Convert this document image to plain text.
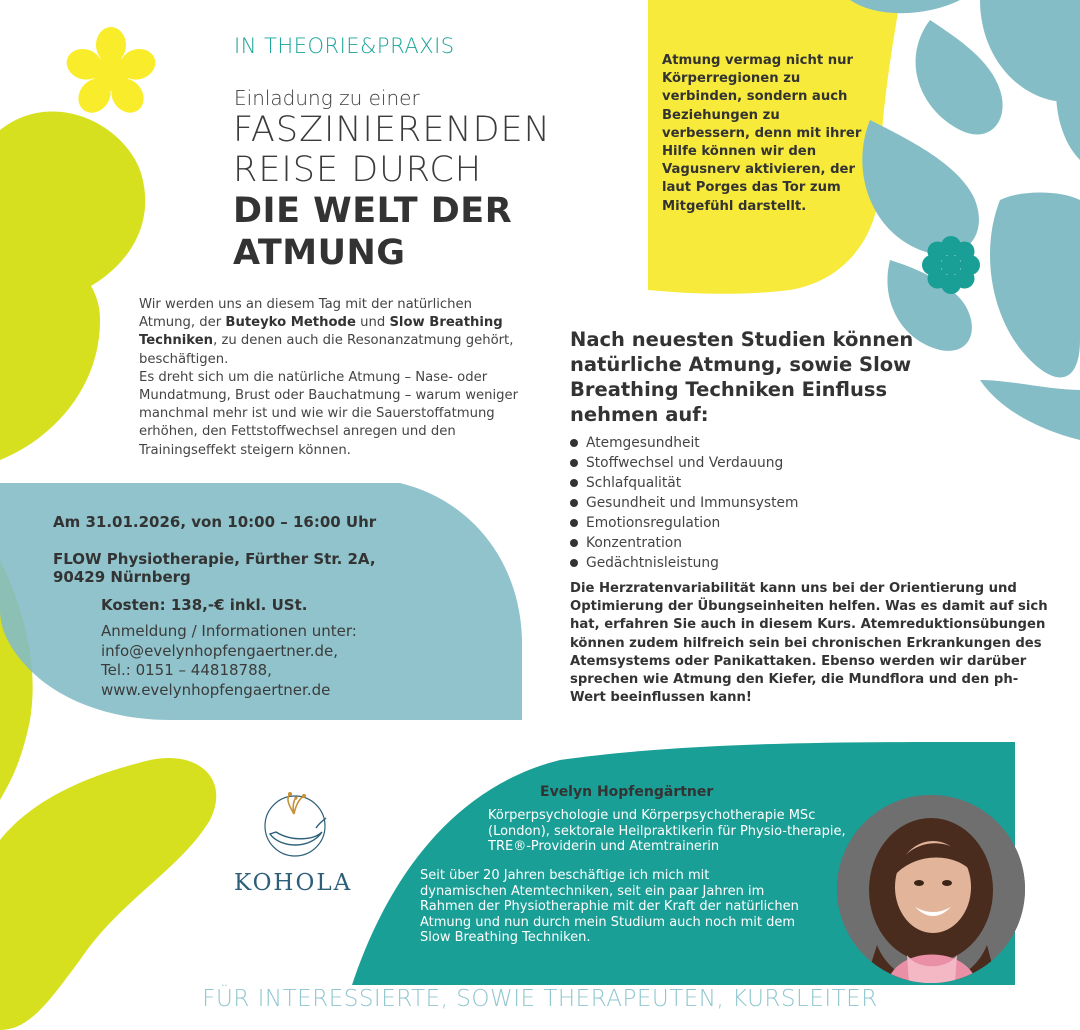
IN THEORIE&PRAXIS
Einladung zu einer
FASZINIERENDEN
REISE DURCH
DIE WELT DER
ATMUNG
Wir werden uns an diesem Tag mit der natürlichen Atmung, der Buteyko Methode und Slow Breathing Techniken, zu denen auch die Resonanzatmung gehört, beschäftigen.
Es dreht sich um die natürliche Atmung – Nase- oder Mundatmung, Brust oder Bauchatmung – warum weniger manchmal mehr ist und wie wir die Sauerstoffatmung erhöhen, den Fettstoffwechsel anregen und den Trainingseffekt steigern können.
Atmung vermag nicht nur Körperregionen zu verbinden, sondern auch Beziehungen zu verbessern, denn mit ihrer Hilfe können wir den Vagusnerv aktivieren, der laut Porges das Tor zum Mitgefühl darstellt.
Nach neuesten Studien können natürliche Atmung, sowie Slow Breathing Techniken Einfluss nehmen auf:
Atemgesundheit
Stoffwechsel und Verdauung
Schlafqualität
Gesundheit und Immunsystem
Emotionsregulation
Konzentration
Gedächtnisleistung
Die Herzratenvariabilität kann uns bei der Orientierung und Optimierung der Übungseinheiten helfen. Was es damit auf sich hat, erfahren Sie auch in diesem Kurs. Atemreduktionsübungen können zudem hilfreich sein bei chronischen Erkrankungen des Atemsystems oder Panikattaken. Ebenso werden wir darüber sprechen wie Atmung den Kiefer, die Mundflora und den ph-Wert beeinflussen kann!
Am 31.01.2026, von 10:00 – 16:00 Uhr
FLOW Physiotherapie, Fürther Str. 2A,
90429 Nürnberg
Kosten: 138,-€ inkl. USt.
Anmeldung / Informationen unter:
info@evelynhopfengaertner.de,
Tel.: 0151 – 44818788,
www.evelynhopfengaertner.de
Evelyn Hopfengärtner
Körperpsychologie und Körperpsychotherapie MSc (London), sektorale Heilpraktikerin für Physio-therapie, TRE®-Providerin und Atemtrainerin
Seit über 20 Jahren beschäftige ich mich mit dynamischen Atemtechniken, seit ein paar Jahren im Rahmen der Physiotheraphie mit der Kraft der natürlichen Atmung und nun durch mein Studium auch noch mit dem Slow Breathing Techniken.
KOHOLA
FÜR INTERESSIERTE, SOWIE THERAPEUTEN, KURSLEITER
